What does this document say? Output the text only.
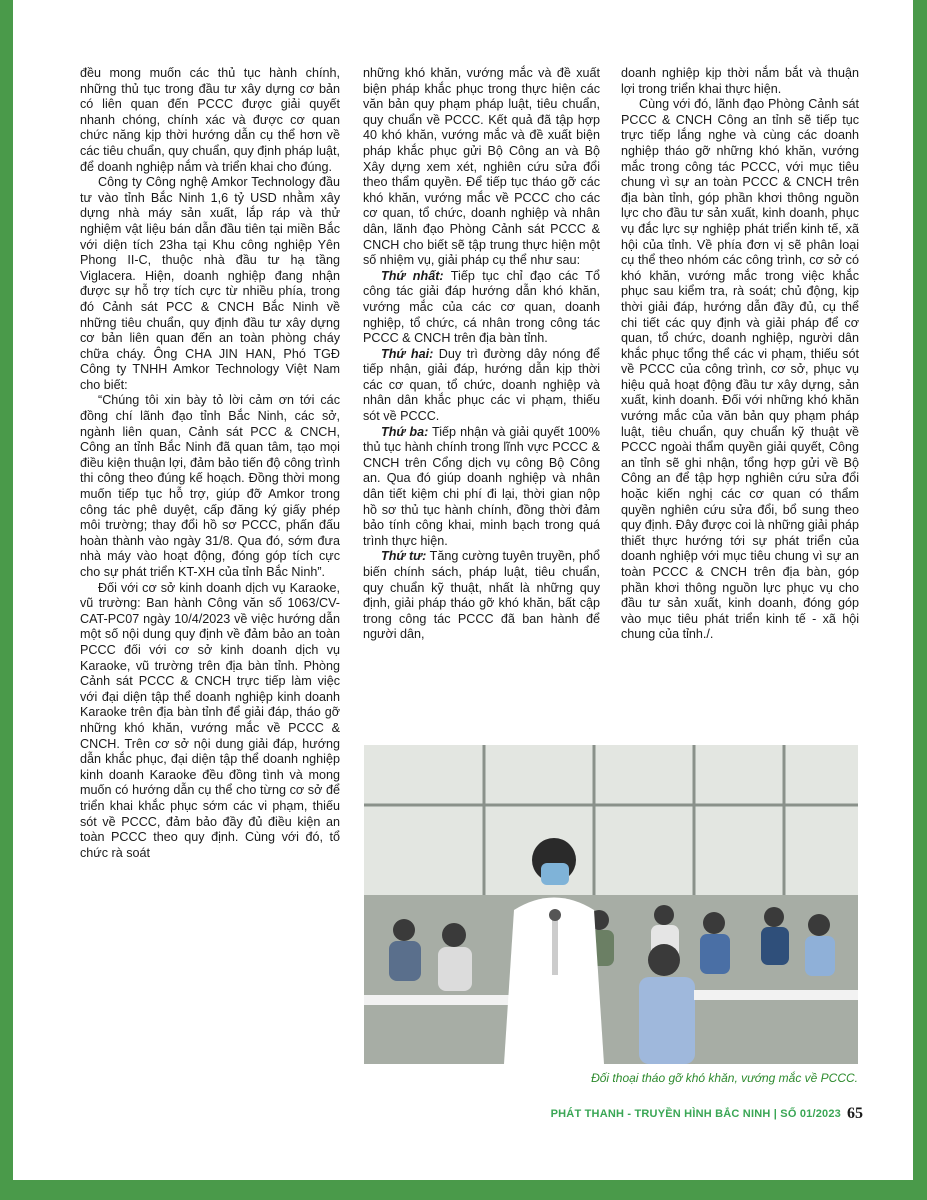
đều mong muốn các thủ tục hành chính, những thủ tục trong đầu tư xây dựng cơ bản có liên quan đến PCCC được giải quyết nhanh chóng, chính xác và được cơ quan chức năng kịp thời hướng dẫn cụ thể hơn về các tiêu chuẩn, quy chuẩn, quy định pháp luật, để doanh nghiệp nắm và triển khai cho đúng.

Công ty Công nghệ Amkor Technology đầu tư vào tỉnh Bắc Ninh 1,6 tỷ USD nhằm xây dựng nhà máy sản xuất, lắp ráp và thử nghiệm vật liệu bán dẫn đầu tiên tại miền Bắc với diện tích 23ha tại Khu công nghiệp Yên Phong II-C, thuộc nhà đầu tư hạ tầng Viglacera. Hiện, doanh nghiệp đang nhận được sự hỗ trợ tích cực từ nhiều phía, trong đó Cảnh sát PCC & CNCH Bắc Ninh về những tiêu chuẩn, quy định đầu tư xây dựng cơ bản liên quan đến an toàn phòng cháy chữa cháy. Ông CHA JIN HAN, Phó TGĐ Công ty TNHH Amkor Technology Việt Nam cho biết:

“Chúng tôi xin bày tỏ lời cảm ơn tới các đồng chí lãnh đạo tỉnh Bắc Ninh, các sở, ngành liên quan, Cảnh sát PCC & CNCH, Công an tỉnh Bắc Ninh đã quan tâm, tạo mọi điều kiện thuận lợi, đảm bảo tiến độ công trình thi công theo đúng kế hoạch. Đồng thời mong muốn tiếp tục hỗ trợ, giúp đỡ Amkor trong công tác phê duyệt, cấp đăng ký giấy phép môi trường; thay đổi hồ sơ PCCC, phấn đấu hoàn thành vào ngày 31/8. Qua đó, sớm đưa nhà máy vào hoạt động, đóng góp tích cực cho sự phát triển KT-XH của tỉnh Bắc Ninh”.

Đối với cơ sở kinh doanh dịch vụ Karaoke, vũ trường: Ban hành Công văn số 1063/CV-CAT-PC07 ngày 10/4/2023 về việc hướng dẫn một số nội dung quy định về đảm bảo an toàn PCCC đối với cơ sở kinh doanh dịch vụ Karaoke, vũ trường trên địa bàn tỉnh. Phòng Cảnh sát PCCC & CNCH trực tiếp làm việc với đại diện tập thể doanh nghiệp kinh doanh Karaoke trên địa bàn tỉnh để giải đáp, tháo gỡ những khó khăn, vướng mắc về PCCC & CNCH. Trên cơ sở nội dung giải đáp, hướng dẫn khắc phục, đại diện tập thể doanh nghiệp kinh doanh Karaoke đều đồng tình và mong muốn có hướng dẫn cụ thể cho từng cơ sở để triển khai khắc phục sớm các vi phạm, thiếu sót về PCCC, đảm bảo đầy đủ điều kiện an toàn PCCC theo quy định. Cùng với đó, tổ chức rà soát

những khó khăn, vướng mắc và đề xuất biện pháp khắc phục trong thực hiện các văn bản quy phạm pháp luật, tiêu chuẩn, quy chuẩn về PCCC. Kết quả đã tập hợp 40 khó khăn, vướng mắc và đề xuất biện pháp khắc phục gửi Bộ Công an và Bộ Xây dựng xem xét, nghiên cứu sửa đổi theo thẩm quyền. Để tiếp tục tháo gỡ các khó khăn, vướng mắc về PCCC cho các cơ quan, tổ chức, doanh nghiệp và nhân dân, lãnh đạo Phòng Cảnh sát PCCC & CNCH cho biết sẽ tập trung thực hiện một số nhiệm vụ, giải pháp cụ thể như sau:

Thứ nhất: Tiếp tục chỉ đạo các Tổ công tác giải đáp hướng dẫn khó khăn, vướng mắc của các cơ quan, doanh nghiệp, tổ chức, cá nhân trong công tác PCCC & CNCH trên địa bàn tỉnh.

Thứ hai: Duy trì đường dây nóng để tiếp nhận, giải đáp, hướng dẫn kịp thời các cơ quan, tổ chức, doanh nghiệp và nhân dân khắc phục các vi phạm, thiếu sót về PCCC.

Thứ ba: Tiếp nhận và giải quyết 100% thủ tục hành chính trong lĩnh vực PCCC & CNCH trên Cổng dịch vụ công Bộ Công an. Qua đó giúp doanh nghiệp và nhân dân tiết kiệm chi phí đi lại, thời gian nộp hồ sơ thủ tục hành chính, đồng thời đảm bảo tính công khai, minh bạch trong quá trình thực hiện.

Thứ tư: Tăng cường tuyên truyền, phổ biến chính sách, pháp luật, tiêu chuẩn, quy chuẩn kỹ thuật, nhất là những quy định, giải pháp tháo gỡ khó khăn, bất cập trong công tác PCCC đã ban hành để người dân,

doanh nghiệp kịp thời nắm bắt và thuận lợi trong triển khai thực hiện.

Cùng với đó, lãnh đạo Phòng Cảnh sát PCCC & CNCH Công an tỉnh sẽ tiếp tục trực tiếp lắng nghe và cùng các doanh nghiệp tháo gỡ những khó khăn, vướng mắc trong công tác PCCC, với mục tiêu chung vì sự an toàn PCCC & CNCH trên địa bàn tỉnh, góp phần khơi thông nguồn lực cho đầu tư sản xuất, kinh doanh, phục vụ đắc lực sự nghiệp phát triển kinh tế, xã hội của tỉnh. Về phía đơn vị sẽ phân loại cụ thể theo nhóm các công trình, cơ sở có khó khăn, vướng mắc trong việc khắc phục sau kiểm tra, rà soát; chủ động, kịp thời giải đáp, hướng dẫn đầy đủ, cụ thể chi tiết các quy định và giải pháp để cơ quan, tổ chức, doanh nghiệp, người dân khắc phục tổng thể các vi phạm, thiếu sót về PCCC của công trình, cơ sở, phục vụ hiệu quả hoạt động đầu tư xây dựng, sản xuất, kinh doanh. Đối với những khó khăn vướng mắc của văn bản quy phạm pháp luật, tiêu chuẩn, quy chuẩn kỹ thuật về PCCC ngoài thẩm quyền giải quyết, Công an tỉnh sẽ ghi nhận, tổng hợp gửi về Bộ Công an để tập hợp nghiên cứu sửa đổi hoặc kiến nghị các cơ quan có thẩm quyền nghiên cứu sửa đổi, bổ sung theo quy định. Đây được coi là những giải pháp thiết thực hướng tới sự phát triển của doanh nghiệp với mục tiêu chung vì sự an toàn PCCC & CNCH trên địa bàn, góp phần khơi thông nguồn lực phục vụ cho đầu tư sản xuất, kinh doanh, đóng góp vào mục tiêu phát triển kinh tế - xã hội chung của tỉnh./.

Đối thoại tháo gỡ khó khăn, vướng mắc về PCCC.
PHÁT THANH - TRUYỀN HÌNH BẮC NINH | SỐ 01/2023 65
